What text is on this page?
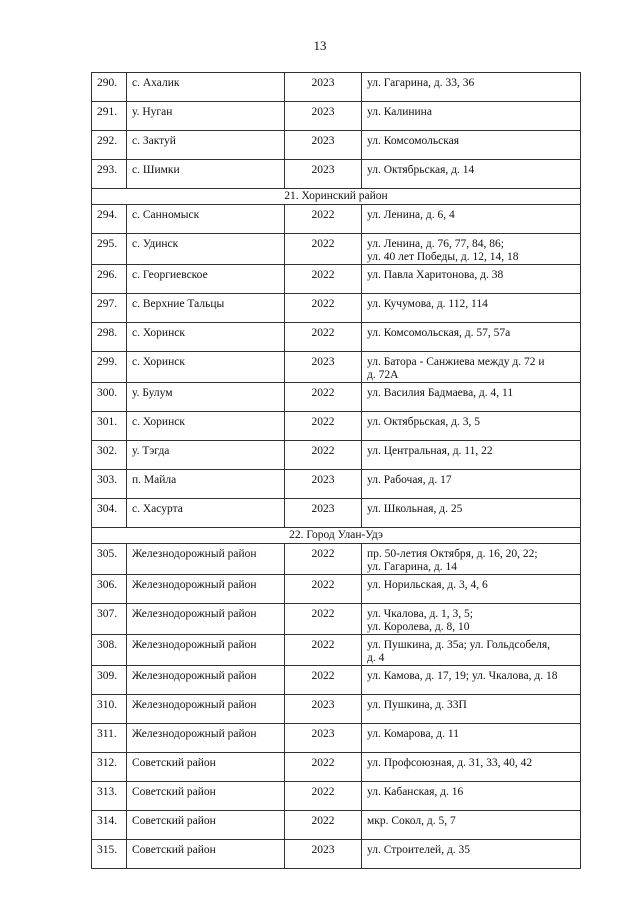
13
290.	с. Ахалик	2023	ул. Гагарина, д. 33, 36
291.	у. Нуган	2023	ул. Калинина
292.	с. Зактуй	2023	ул. Комсомольская
293.	с. Шимки	2023	ул. Октябрьская, д. 14
21. Хоринский район			
294.	с. Санномыск	2022	ул. Ленина, д. 6, 4
295.	с. Удинск	2022	ул. Ленина, д. 76, 77, 84, 86;
ул. 40 лет Победы, д. 12, 14, 18
296.	с. Георгиевское	2022	ул. Павла Харитонова, д. 38
297.	с. Верхние Тальцы	2022	ул. Кучумова, д. 112, 114
298.	с. Хоринск	2022	ул. Комсомольская, д. 57, 57а
299.	с. Хоринск	2023	ул. Батора - Санжиева между д. 72 и
д. 72А
300.	у. Булум	2022	ул. Василия Бадмаева, д. 4, 11
301.	с. Хоринск	2022	ул. Октябрьская, д. 3, 5
302.	у. Тэгда	2022	ул. Центральная, д. 11, 22
303.	п. Майла	2023	ул. Рабочая, д. 17
304.	с. Хасурта	2023	ул. Школьная, д. 25
22. Город Улан-Удэ			
305.	Железнодорожный район	2022	пр. 50-летия Октября, д. 16, 20, 22;
ул. Гагарина, д. 14
306.	Железнодорожный район	2022	ул. Норильская, д. 3, 4, 6
307.	Железнодорожный район	2022	ул. Чкалова, д. 1, 3, 5;
ул. Королева, д. 8, 10
308.	Железнодорожный район	2022	ул. Пушкина, д. 35а; ул. Гольдсобеля,
д. 4
309.	Железнодорожный район	2022	ул. Камова, д. 17, 19; ул. Чкалова, д. 18
310.	Железнодорожный район	2023	ул. Пушкина, д. 33П
311.	Железнодорожный район	2023	ул. Комарова, д. 11
312.	Советский район	2022	ул. Профсоюзная, д. 31, 33, 40, 42
313.	Советский район	2022	ул. Кабанская, д. 16
314.	Советский район	2022	мкр. Сокол, д. 5, 7
315.	Советский район	2023	ул. Строителей, д. 35
